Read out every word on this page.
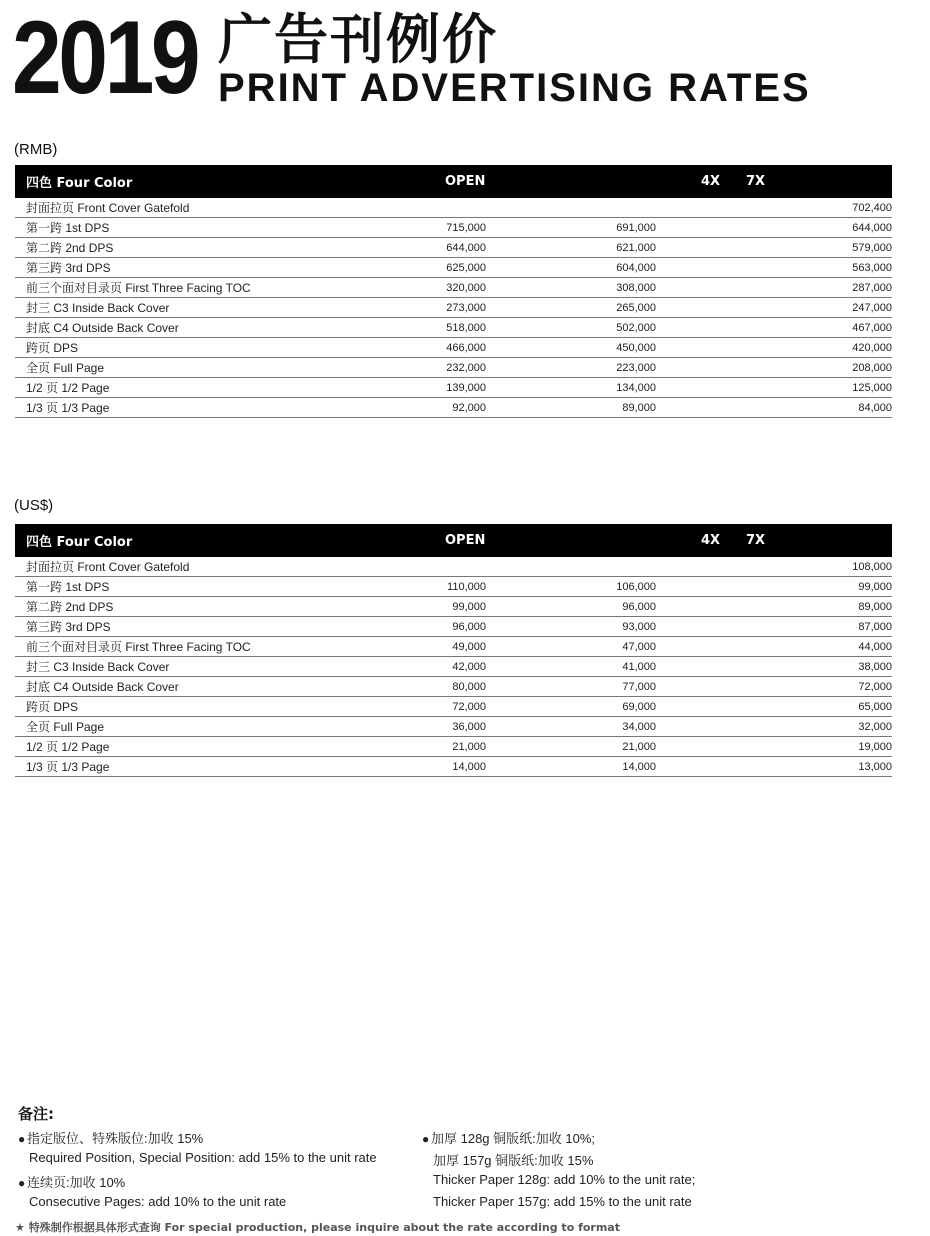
2019 广告刊例价
PRINT ADVERTISING RATES
(RMB)
四色 Four Color	OPEN	4X	7X
封面拉页 Front Cover Gatefold			702,400
第一跨 1st DPS	715,000	691,000	644,000
第二跨 2nd DPS	644,000	621,000	579,000
第三跨 3rd DPS	625,000	604,000	563,000
前三个面对目录页 First Three Facing TOC	320,000	308,000	287,000
封三 C3 Inside Back Cover	273,000	265,000	247,000
封底 C4 Outside Back Cover	518,000	502,000	467,000
跨页 DPS	466,000	450,000	420,000
全页 Full Page	232,000	223,000	208,000
1/2 页 1/2 Page	139,000	134,000	125,000
1/3 页 1/3 Page	92,000	89,000	84,000
(US$)
四色 Four Color	OPEN	4X	7X
封面拉页 Front Cover Gatefold			108,000
第一跨 1st DPS	110,000	106,000	99,000
第二跨 2nd DPS	99,000	96,000	89,000
第三跨 3rd DPS	96,000	93,000	87,000
前三个面对目录页 First Three Facing TOC	49,000	47,000	44,000
封三 C3 Inside Back Cover	42,000	41,000	38,000
封底 C4 Outside Back Cover	80,000	77,000	72,000
跨页 DPS	72,000	69,000	65,000
全页 Full Page	36,000	34,000	32,000
1/2 页 1/2 Page	21,000	21,000	19,000
1/3 页 1/3 Page	14,000	14,000	13,000
备注:
● 指定版位、特殊版位:加收 15%
Required Position, Special Position: add 15% to the unit rate
● 连续页:加收 10%
Consecutive Pages: add 10% to the unit rate
● 加厚 128g 铜版纸:加收 10%;
加厚 157g 铜版纸:加收 15%
Thicker Paper 128g: add 10% to the unit rate;
Thicker Paper 157g: add 15% to the unit rate
★ 特殊制作根据具体形式查询 For special production, please inquire about the rate according to format
